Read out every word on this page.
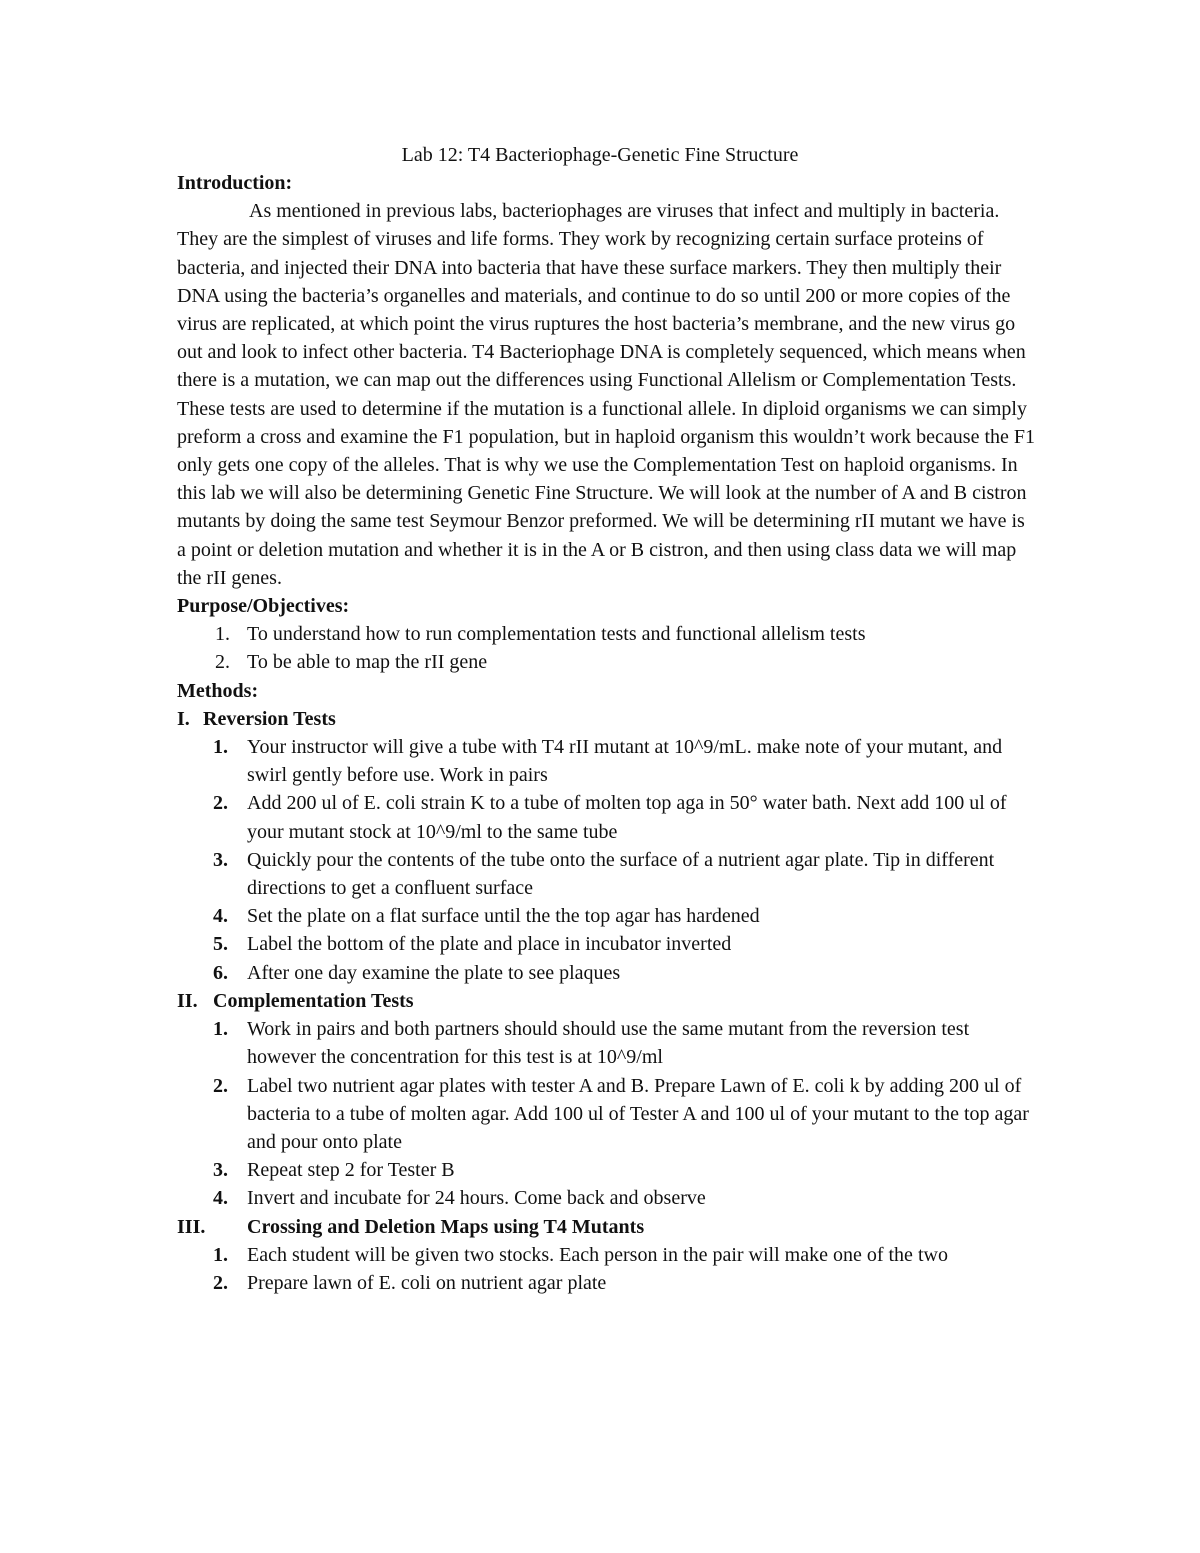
Lab 12: T4 Bacteriophage-Genetic Fine Structure
Introduction:

As mentioned in previous labs, bacteriophages are viruses that infect and multiply in bacteria. They are the simplest of viruses and life forms. They work by recognizing certain surface proteins of bacteria, and injected their DNA into bacteria that have these surface markers. They then multiply their DNA using the bacteria’s organelles and materials, and continue to do so until 200 or more copies of the virus are replicated, at which point the virus ruptures the host bacteria’s membrane, and the new virus go out and look to infect other bacteria. T4 Bacteriophage DNA is completely sequenced, which means when there is a mutation, we can map out the differences using Functional Allelism or Complementation Tests. These tests are used to determine if the mutation is a functional allele. In diploid organisms we can simply preform a cross and examine the F1 population, but in haploid organism this wouldn’t work because the F1 only gets one copy of the alleles. That is why we use the Complementation Test on haploid organisms. In this lab we will also be determining Genetic Fine Structure. We will look at the number of A and B cistron mutants by doing the same test Seymour Benzor preformed. We will be determining rII mutant we have is a point or deletion mutation and whether it is in the A or B cistron, and then using class data we will map the rII genes.

Purpose/Objectives:
1. To understand how to run complementation tests and functional allelism tests
2. To be able to map the rII gene
Methods:
I. Reversion Tests
1. Your instructor will give a tube with T4 rII mutant at 10^9/mL. make note of your mutant, and swirl gently before use. Work in pairs
2. Add 200 ul of E. coli strain K to a tube of molten top aga in 50° water bath. Next add 100 ul of your mutant stock at 10^9/ml to the same tube
3. Quickly pour the contents of the tube onto the surface of a nutrient agar plate. Tip in different directions to get a confluent surface
4. Set the plate on a flat surface until the the top agar has hardened
5. Label the bottom of the plate and place in incubator inverted
6. After one day examine the plate to see plaques
II. Complementation Tests
1. Work in pairs and both partners should should use the same mutant from the reversion test however the concentration for this test is at 10^9/ml
2. Label two nutrient agar plates with tester A and B. Prepare Lawn of E. coli k by adding 200 ul of bacteria to a tube of molten agar. Add 100 ul of Tester A and 100 ul of your mutant to the top agar and pour onto plate
3. Repeat step 2 for Tester B
4. Invert and incubate for 24 hours. Come back and observe
III. Crossing and Deletion Maps using T4 Mutants
1. Each student will be given two stocks. Each person in the pair will make one of the two
2. Prepare lawn of E. coli on nutrient agar plate
